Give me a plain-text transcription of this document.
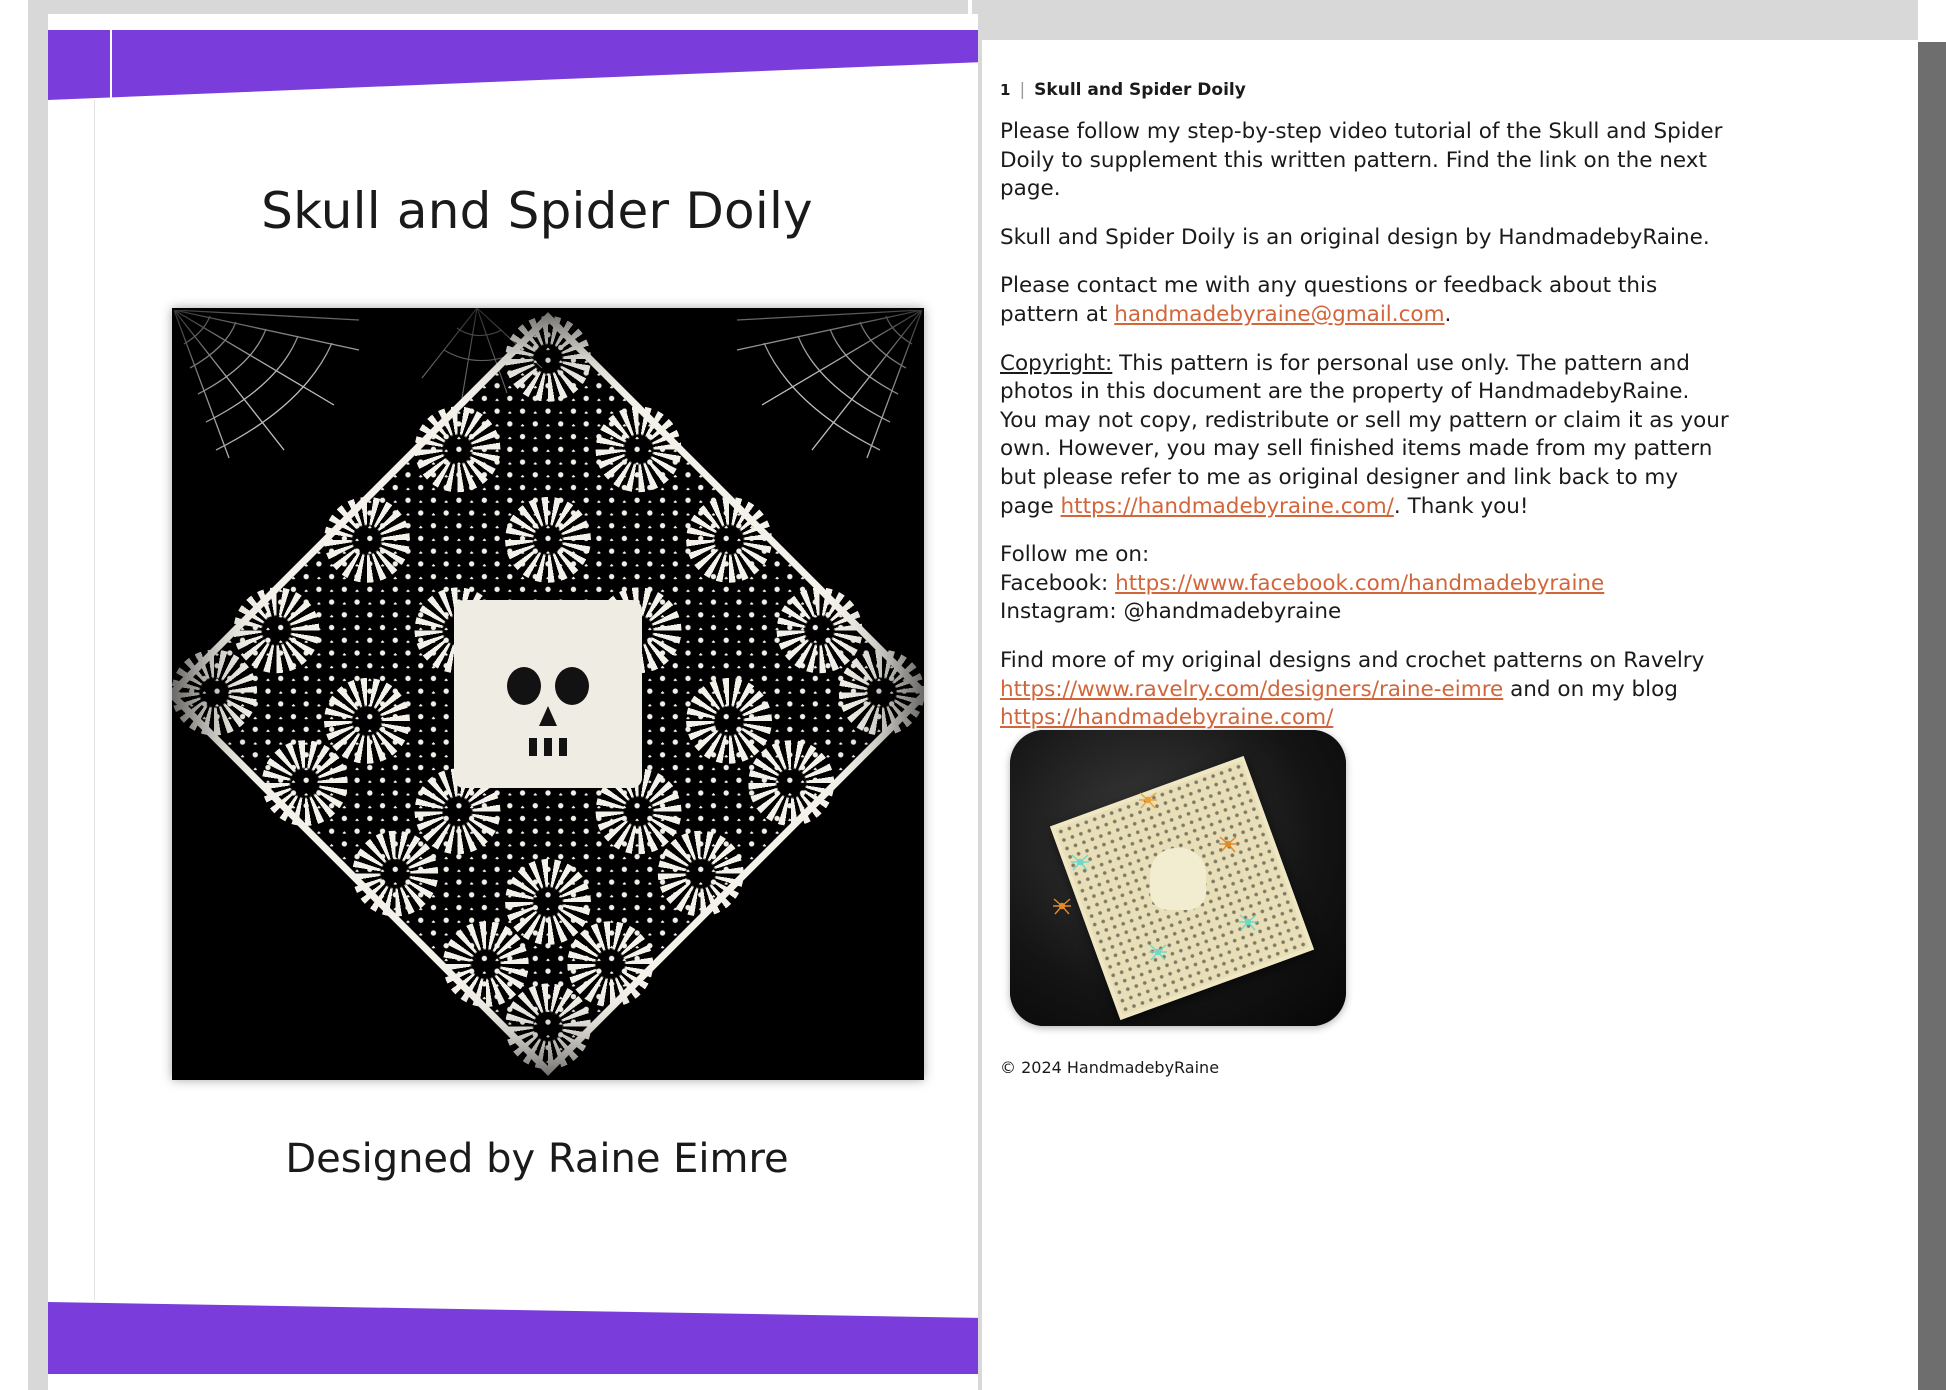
Skull and Spider Doily
Designed by Raine Eimre
1 | Skull and Spider Doily

Please follow my step-by-step video tutorial of the Skull and Spider Doily to supplement this written pattern. Find the link on the next page.

Skull and Spider Doily is an original design by HandmadebyRaine.

Please contact me with any questions or feedback about this pattern at handmadebyraine@gmail.com.

Copyright: This pattern is for personal use only. The pattern and photos in this document are the property of HandmadebyRaine. You may not copy, redistribute or sell my pattern or claim it as your own. However, you may sell finished items made from my pattern but please refer to me as original designer and link back to my page https://handmadebyraine.com/. Thank you!

Follow me on:
Facebook: https://www.facebook.com/handmadebyraine
Instagram: @handmadebyraine

Find more of my original designs and crochet patterns on Ravelry
https://www.ravelry.com/designers/raine-eimre and on my blog
https://handmadebyraine.com/

© 2024 HandmadebyRaine
